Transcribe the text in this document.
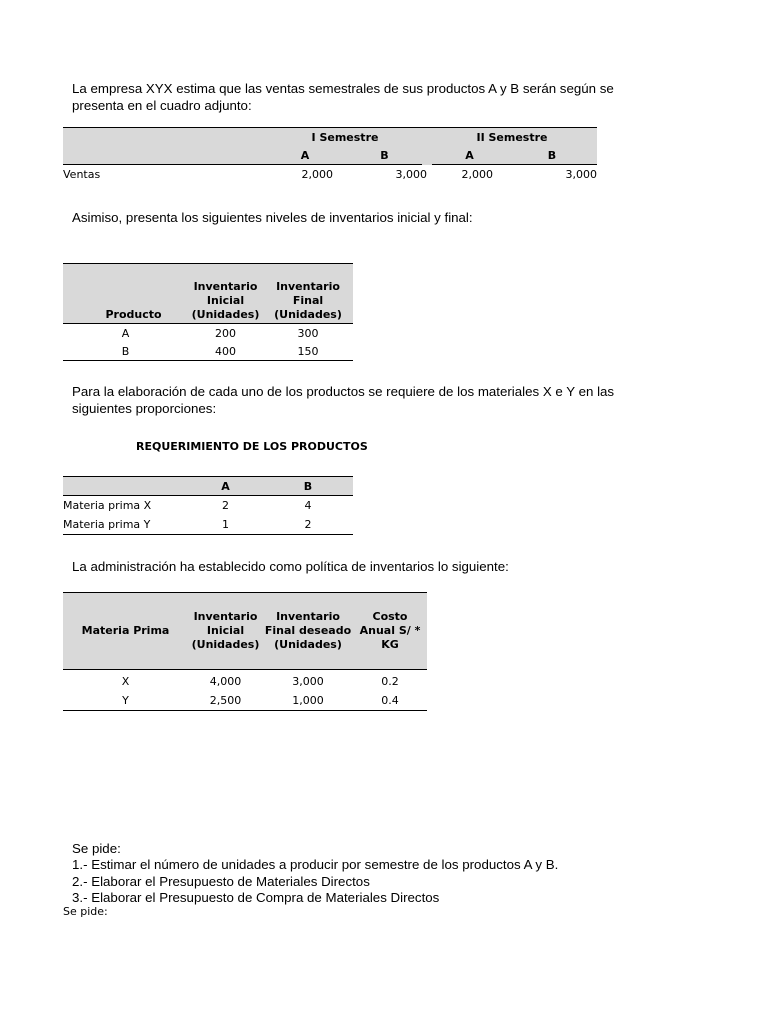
La empresa XYX estima que las ventas semestrales de sus productos A y B serán según se presenta en el cuadro adjunto:
	I Semestre		II Semestre	
	A	B	A	B
Ventas	2,000	3,000	2,000	3,000
Asimiso, presenta los siguientes niveles de inventarios inicial y final:
Producto	Inventario Inicial (Unidades)	Inventario Final (Unidades)
A	200	300
B	400	150
Para la elaboración de cada uno de los productos se requiere de los materiales X e Y en las siguientes proporciones:
REQUERIMIENTO DE LOS PRODUCTOS
	A	B
Materia prima X	2	4
Materia prima Y	1	2
La administración ha establecido como política de inventarios lo siguiente:
Materia Prima	Inventario Inicial (Unidades)	Inventario Final deseado (Unidades)	Costo Anual S/ * KG
X	4,000	3,000	0.2
Y	2,500	1,000	0.4
Se pide:
1.- Estimar el número de unidades a producir por semestre de los productos A y B.
2.- Elaborar el Presupuesto de Materiales Directos
3.- Elaborar el Presupuesto de Compra de Materiales Directos
Se pide:
